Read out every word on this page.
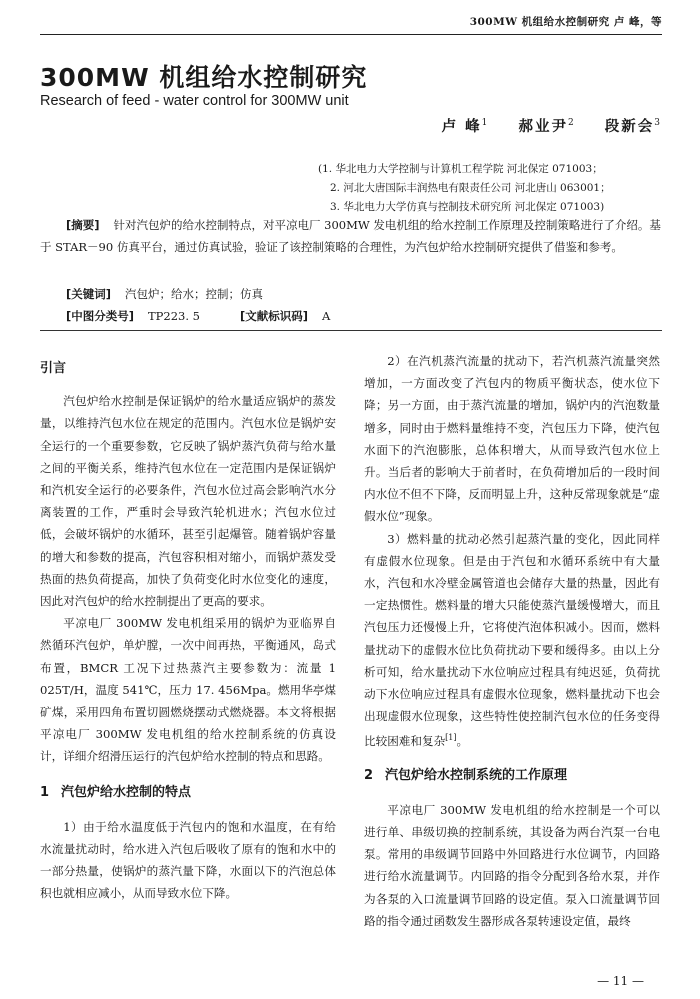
300MW 机组给水控制研究 卢 峰，等
300MW 机组给水控制研究
Research of feed - water control for 300MW unit
卢 峰$^1$ 郝业尹$^2$ 段新会$^3$
(1. 华北电力大学控制与计算机工程学院 河北保定 071003；
2. 河北大唐国际丰润热电有限责任公司 河北唐山 063001；
3. 华北电力大学仿真与控制技术研究所 河北保定 071003)

[摘要] 针对汽包炉的给水控制特点，对平凉电厂 300MW 发电机组的给水控制工作原理及控制策略进行了介绍。基于 STAR－90 仿真平台，通过仿真试验，验证了该控制策略的合理性，为汽包炉给水控制研究提供了借鉴和参考。

[关键词] 汽包炉；给水；控制；仿真
[中图分类号] TP223. 5	[文献标识码] A
引言

汽包炉给水控制是保证锅炉的给水量适应锅炉的蒸发量，以维持汽包水位在规定的范围内。汽包水位是锅炉安全运行的一个重要参数，它反映了锅炉蒸汽负荷与给水量之间的平衡关系，维持汽包水位在一定范围内是保证锅炉和汽机安全运行的必要条件，汽包水位过高会影响汽水分离装置的工作，严重时会导致汽轮机进水；汽包水位过低，会破坏锅炉的水循环，甚至引起爆管。随着锅炉容量的增大和参数的提高，汽包容积相对缩小，而锅炉蒸发受热面的热负荷提高，加快了负荷变化时水位变化的速度，因此对汽包炉的给水控制提出了更高的要求。

平凉电厂 300MW 发电机组采用的锅炉为亚临界自然循环汽包炉，单炉膛，一次中间再热，平衡通风，岛式布置，BMCR 工况下过热蒸汽主要参数为：流量 1 025T/H，温度 541℃，压力 17. 456Mpa。燃用华亭煤矿煤，采用四角布置切圆燃烧摆动式燃烧器。本文将根据平凉电厂 300MW 发电机组的给水控制系统的仿真设计，详细介绍滑压运行的汽包炉给水控制的特点和思路。

1 汽包炉给水控制的特点

1）由于给水温度低于汽包内的饱和水温度，在有给水流量扰动时，给水进入汽包后吸收了原有的饱和水中的一部分热量，使锅炉的蒸汽量下降，水面以下的汽泡总体积也就相应减小，从而导致水位下降。

2）在汽机蒸汽流量的扰动下，若汽机蒸汽流量突然增加，一方面改变了汽包内的物质平衡状态，使水位下降；另一方面，由于蒸汽流量的增加，锅炉内的汽泡数量增多，同时由于燃料量维持不变，汽包压力下降，使汽包水面下的汽泡膨胀，总体积增大，从而导致汽包水位上升。当后者的影响大于前者时，在负荷增加后的一段时间内水位不但不下降，反而明显上升，这种反常现象就是“虚假水位”现象。

3）燃料量的扰动必然引起蒸汽量的变化，因此同样有虚假水位现象。但是由于汽包和水循环系统中有大量水，汽包和水冷壁金属管道也会储存大量的热量，因此有一定热惯性。燃料量的增大只能使蒸汽量缓慢增大，而且汽包压力还慢慢上升，它将使汽泡体积减小。因而，燃料量扰动下的虚假水位比负荷扰动下要和缓得多。由以上分析可知，给水量扰动下水位响应过程具有纯迟延，负荷扰动下水位响应过程具有虚假水位现象，燃料量扰动下也会出现虚假水位现象，这些特性使控制汽包水位的任务变得比较困难和复杂[1]。

2 汽包炉给水控制系统的工作原理

平凉电厂 300MW 发电机组的给水控制是一个可以进行单、串级切换的控制系统，其设备为两台汽泵一台电泵。常用的串级调节回路中外回路进行水位调节，内回路进行给水流量调节。内回路的指令分配到各给水泵，并作为各泵的入口流量调节回路的设定值。泵入口流量调节回路的指令通过函数发生器形成各泵转速设定值，最终

— 11 —
